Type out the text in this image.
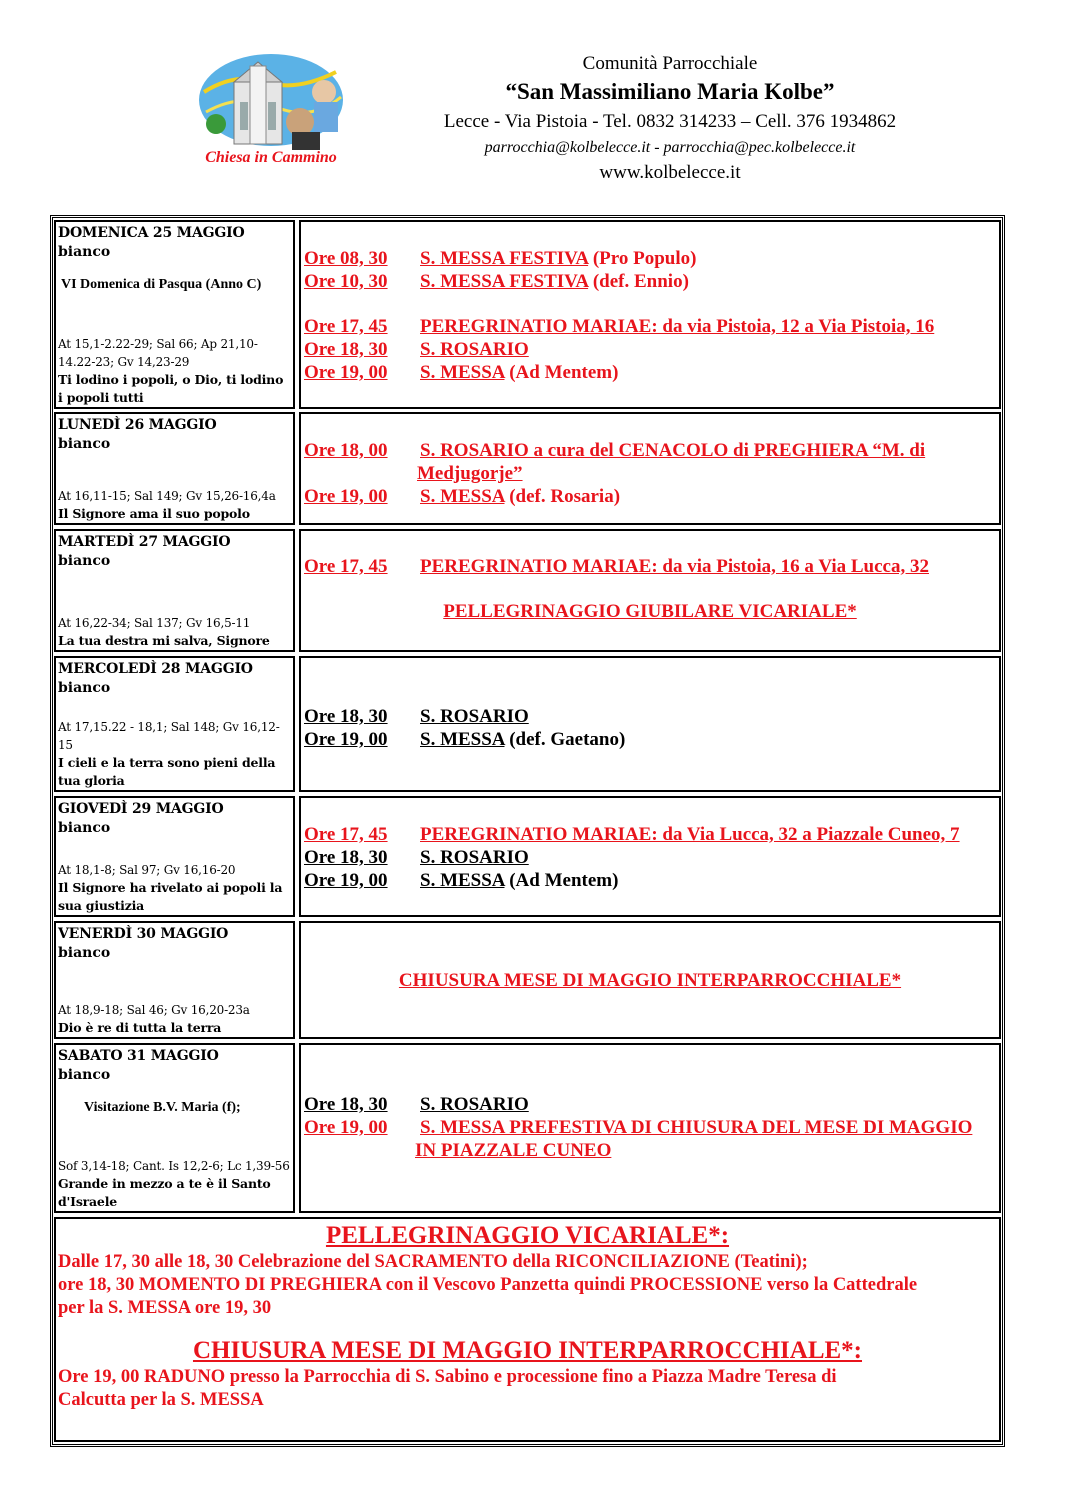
Chiesa in Cammino
Comunità Parrocchiale
“San Massimiliano Maria Kolbe”
Lecce - Via Pistoia - Tel. 0832 314233 – Cell. 376 1934862
parrocchia@kolbelecce.it - parrocchia@pec.kolbelecce.it
www.kolbelecce.it
DOMENICA 25 MAGGIO
bianco
VI Domenica di Pasqua (Anno C)
At 15,1-2.22-29; Sal 66; Ap 21,10-14.22-23; Gv 14,23-29
Ti lodino i popoli, o Dio, ti lodino i popoli tutti
Ore 08, 30 S. MESSA FESTIVA (Pro Populo)
Ore 10, 30 S. MESSA FESTIVA (def. Ennio)
Ore 17, 45 PEREGRINATIO MARIAE: da via Pistoia, 12 a Via Pistoia, 16
Ore 18, 30 S. ROSARIO
Ore 19, 00 S. MESSA (Ad Mentem)
LUNEDÌ 26 MAGGIO
bianco
At 16,11-15; Sal 149; Gv 15,26-16,4a
Il Signore ama il suo popolo
Ore 18, 00 S. ROSARIO a cura del CENACOLO di PREGHIERA “M. di
Medjugorje”
Ore 19, 00 S. MESSA (def. Rosaria)
MARTEDÌ 27 MAGGIO
bianco
At 16,22-34; Sal 137; Gv 16,5-11
La tua destra mi salva, Signore
Ore 17, 45 PEREGRINATIO MARIAE: da via Pistoia, 16 a Via Lucca, 32
PELLEGRINAGGIO GIUBILARE VICARIALE*
MERCOLEDÌ 28 MAGGIO
bianco
At 17,15.22 - 18,1; Sal 148; Gv 16,12-15
I cieli e la terra sono pieni della tua gloria
Ore 18, 30 S. ROSARIO
Ore 19, 00 S. MESSA (def. Gaetano)
GIOVEDÌ 29 MAGGIO
bianco
At 18,1-8; Sal 97; Gv 16,16-20
Il Signore ha rivelato ai popoli la sua giustizia
Ore 17, 45 PEREGRINATIO MARIAE: da Via Lucca, 32 a Piazzale Cuneo, 7
Ore 18, 30 S. ROSARIO
Ore 19, 00 S. MESSA (Ad Mentem)
VENERDÌ 30 MAGGIO
bianco
At 18,9-18; Sal 46; Gv 16,20-23a
Dio è re di tutta la terra
CHIUSURA MESE DI MAGGIO INTERPARROCCHIALE*
SABATO 31 MAGGIO
bianco
Visitazione B.V. Maria (f);
Sof 3,14-18; Cant. Is 12,2-6; Lc 1,39-56
Grande in mezzo a te è il Santo d'Israele
Ore 18, 30 S. ROSARIO
Ore 19, 00 S. MESSA PREFESTIVA DI CHIUSURA DEL MESE DI MAGGIO
IN PIAZZALE CUNEO
PELLEGRINAGGIO VICARIALE*:
Dalle 17, 30 alle 18, 30 Celebrazione del SACRAMENTO della RICONCILIAZIONE (Teatini);
ore 18, 30 MOMENTO DI PREGHIERA con il Vescovo Panzetta quindi PROCESSIONE verso la Cattedrale
per la S. MESSA ore 19, 30
CHIUSURA MESE DI MAGGIO INTERPARROCCHIALE*:
Ore 19, 00 RADUNO presso la Parrocchia di S. Sabino e processione fino a Piazza Madre Teresa di
Calcutta per la S. MESSA
